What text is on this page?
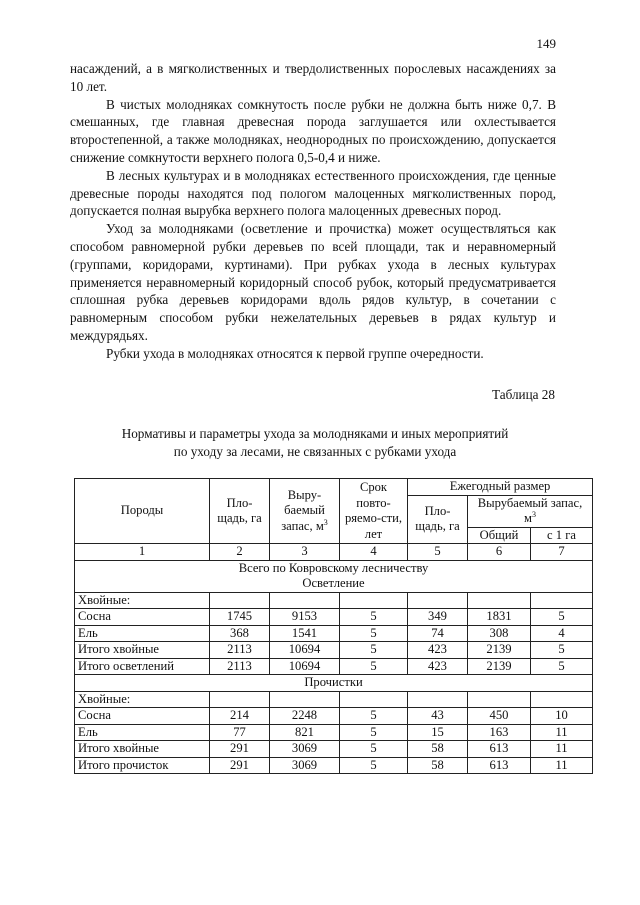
149

насаждений, а в мягколиственных и твердолиственных порослевых насаждениях за 10 лет.

В чистых молодняках сомкнутость после рубки не должна быть ниже 0,7. В смешанных, где главная древесная порода заглушается или охлестывается второстепенной, а также молодняках, неоднородных по происхождению, допускается снижение сомкнутости верхнего полога 0,5-0,4 и ниже.

В лесных культурах и в молодняках естественного происхождения, где ценные древесные породы находятся под пологом малоценных мягколиственных пород, допускается полная вырубка верхнего полога малоценных древесных пород.

Уход за молодняками (осветление и прочистка) может осуществляться как способом равномерной рубки деревьев по всей площади, так и неравномерный (группами, коридорами, куртинами). При рубках ухода в лесных культурах применяется неравномерный коридорный способ рубок, который предусматривается сплошная рубка деревьев коридорами вдоль рядов культур, в сочетании с равномерным способом рубки нежелательных деревьев в рядах культур и междурядьях.

Рубки ухода в молодняках относятся к первой группе очередности.

Таблица 28
Нормативы и параметры ухода за молодняками и иных мероприятий
по уходу за лесами, не связанных с рубками ухода
Породы	Пло-щадь, га	Выру-баемый запас, $м^3$	Срок повто-ряемо-сти, лет	Ежегодный размер		
				Пло-щадь, га	Вырубаемый запас, $м^3$
					Общий	с 1 га
1	2	3	4	5	6	7

Всего по Ковровскому лесничеству
Осветление						

Хвойные:						
Сосна	1745	9153	5	349	1831	5
Ель	368	1541	5	74	308	4
Итого хвойные	2113	10694	5	423	2139	5
Итого осветлений	2113	10694	5	423	2139	5
Прочистки						
Хвойные:						
Сосна	214	2248	5	43	450	10
Ель	77	821	5	15	163	11
Итого хвойные	291	3069	5	58	613	11
Итого прочисток	291	3069	5	58	613	11
